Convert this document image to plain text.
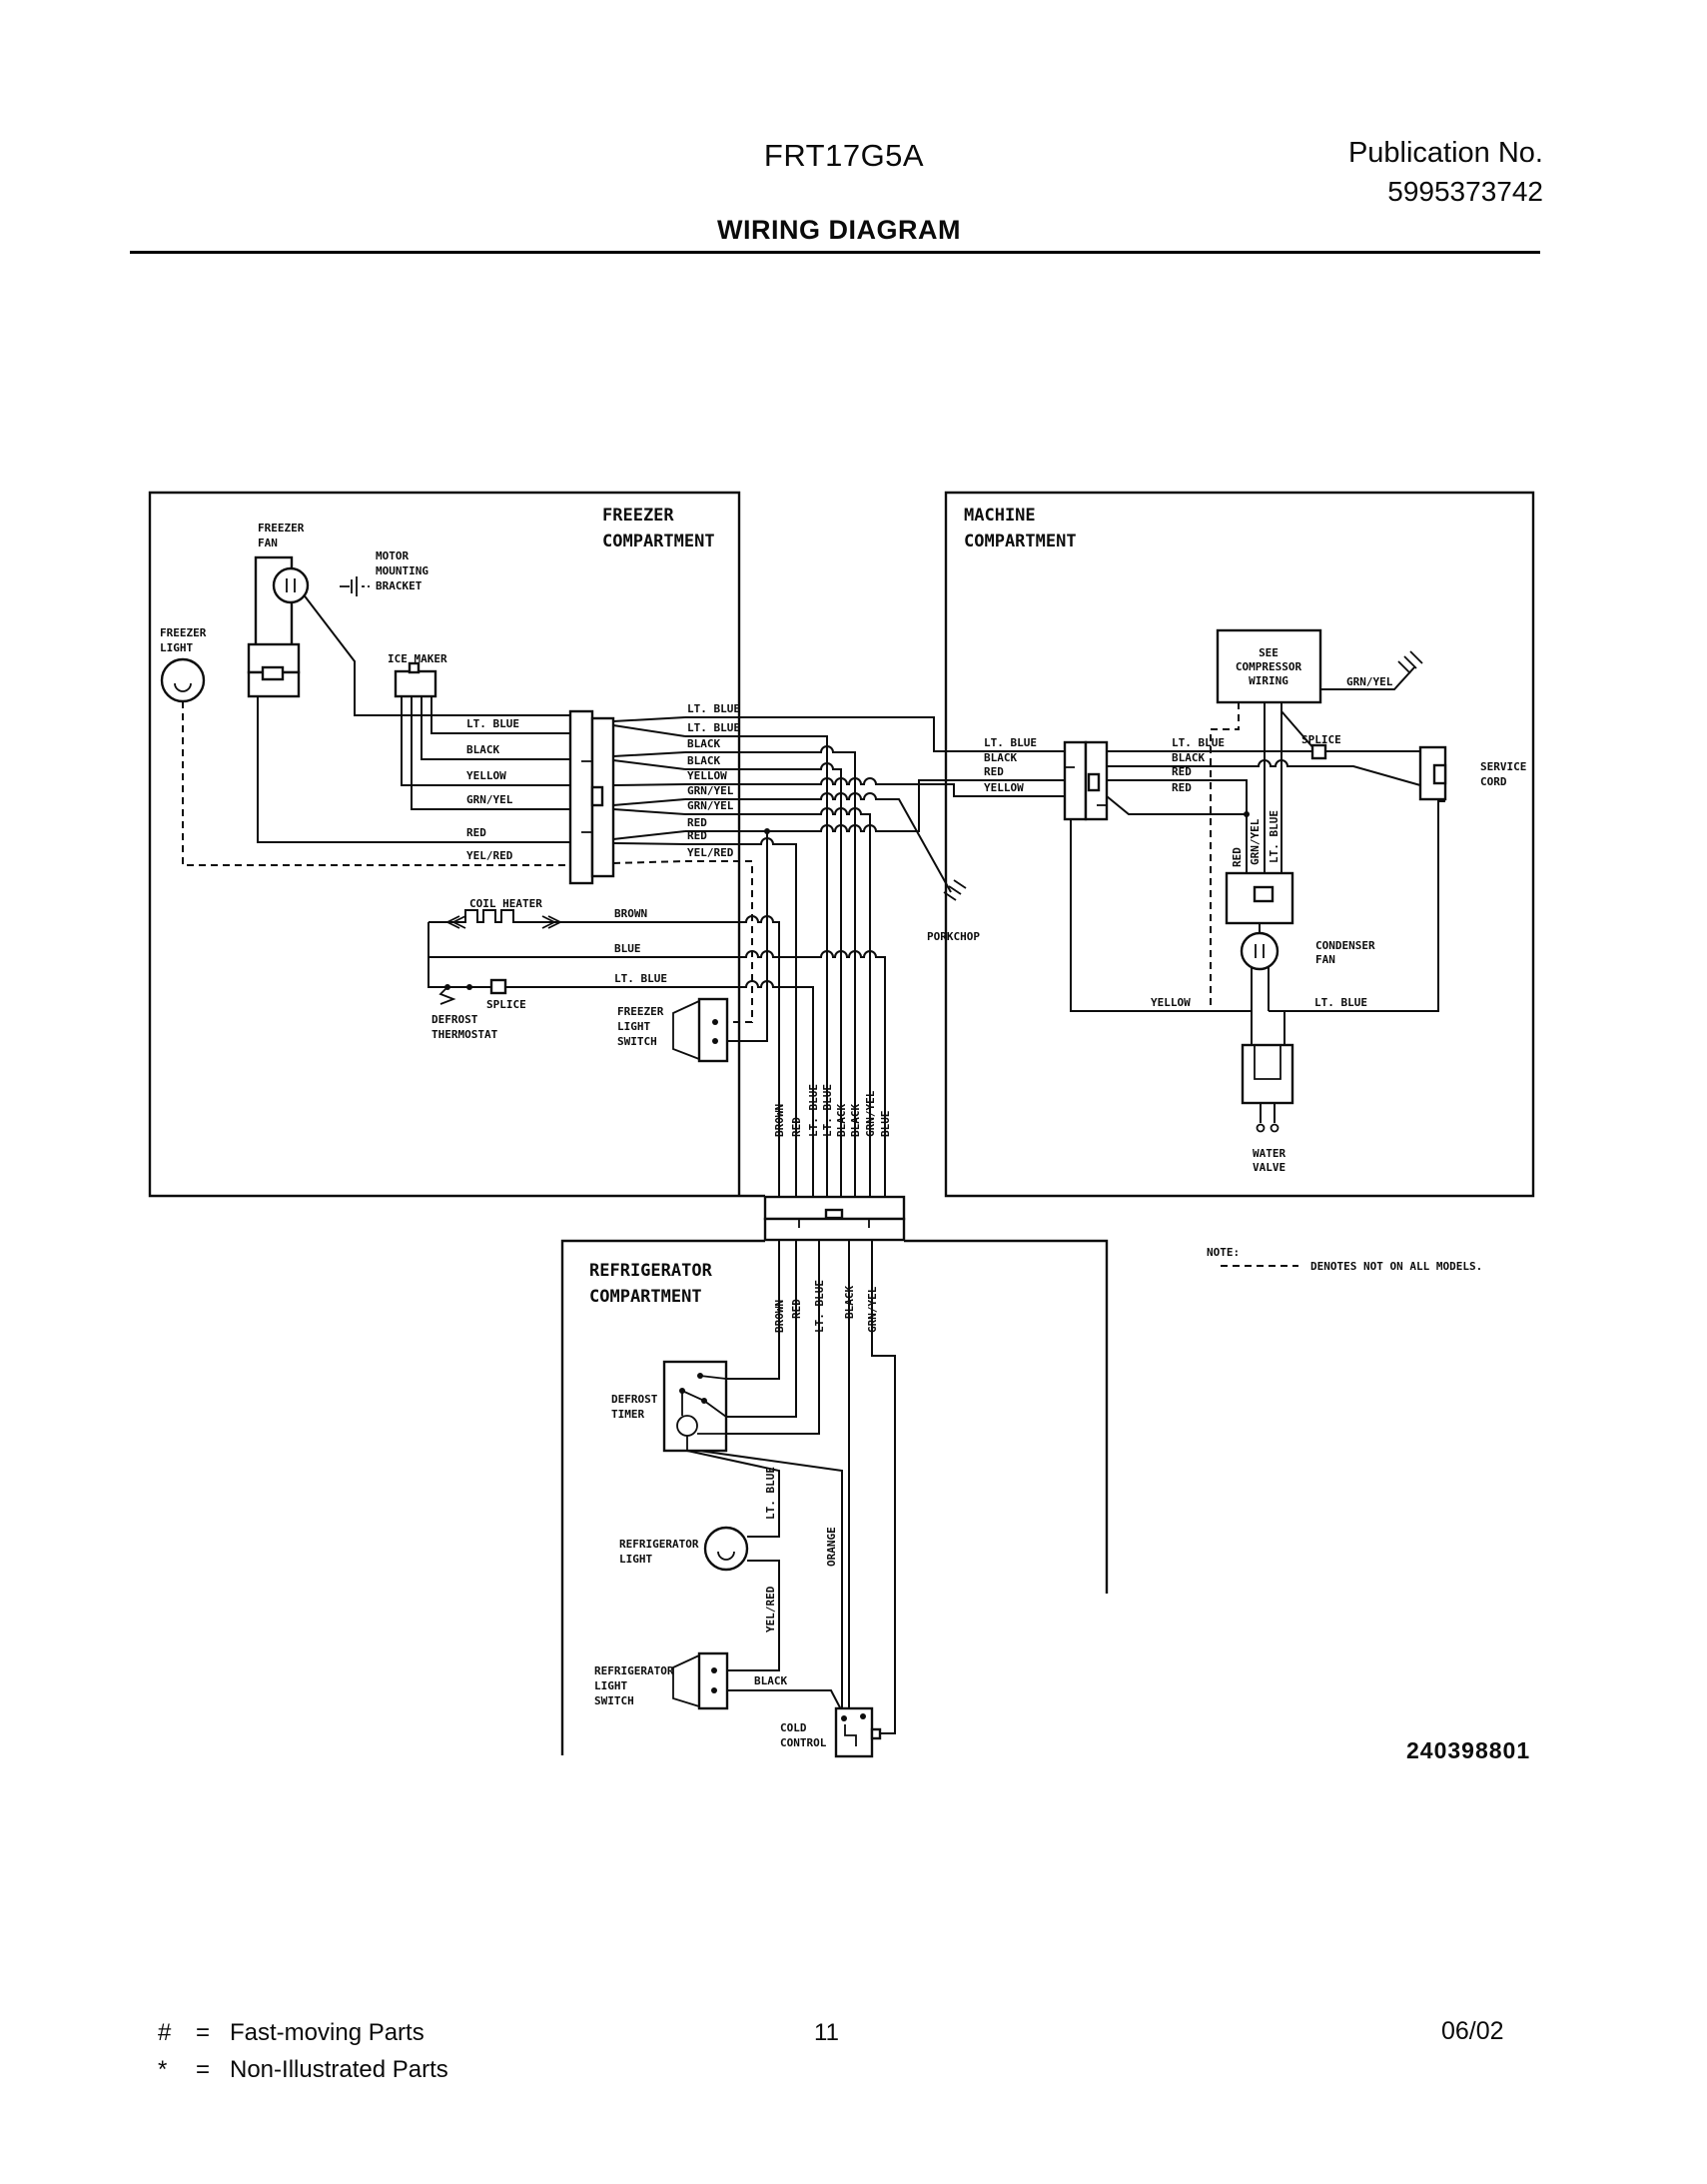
FRT17G5A	Publication No.
5995373742
WIRING DIAGRAM
FREEZER
COMPARTMENT
MACHINE
COMPARTMENT
REFRIGERATOR
COMPARTMENT
FREEZER
FAN
MOTOR
MOUNTING
BRACKET
FREEZER
LIGHT
ICE MAKER
COIL HEATER
SPLICE
DEFROST
THERMOSTAT
FREEZER
LIGHT
SWITCH
SEE
COMPRESSOR
WIRING
SPLICE
SERVICE
CORD
CONDENSER
FAN
WATER
VALVE
PORKCHOP
DEFROST
TIMER
REFRIGERATOR
LIGHT
REFRIGERATOR
LIGHT
SWITCH
COLD
CONTROL
LT. BLUE
BLACK
YELLOW
GRN/YEL
RED
YEL/RED
LT. BLUE
LT. BLUE
BLACK
BLACK
YELLOW
GRN/YEL
GRN/YEL
RED
RED
YEL/RED
BROWN
BLUE
LT. BLUE
LT. BLUE
BLACK
RED
YELLOW
LT. BLUE
BLACK
RED
RED
GRN/YEL
YELLOW	LT. BLUE
RED GRN/YEL LT. BLUE
BROWN RED LT. BLUE LT. BLUE BLACK BLACK GRN/YEL BLUE
BROWN RED LT. BLUE BLACK GRN/YEL
LT. BLUE
YEL/RED
ORANGE
BLACK
NOTE:
DENOTES NOT ON ALL MODELS.
240398801
# = Fast-moving Parts
* = Non-Illustrated Parts
11	06/02
